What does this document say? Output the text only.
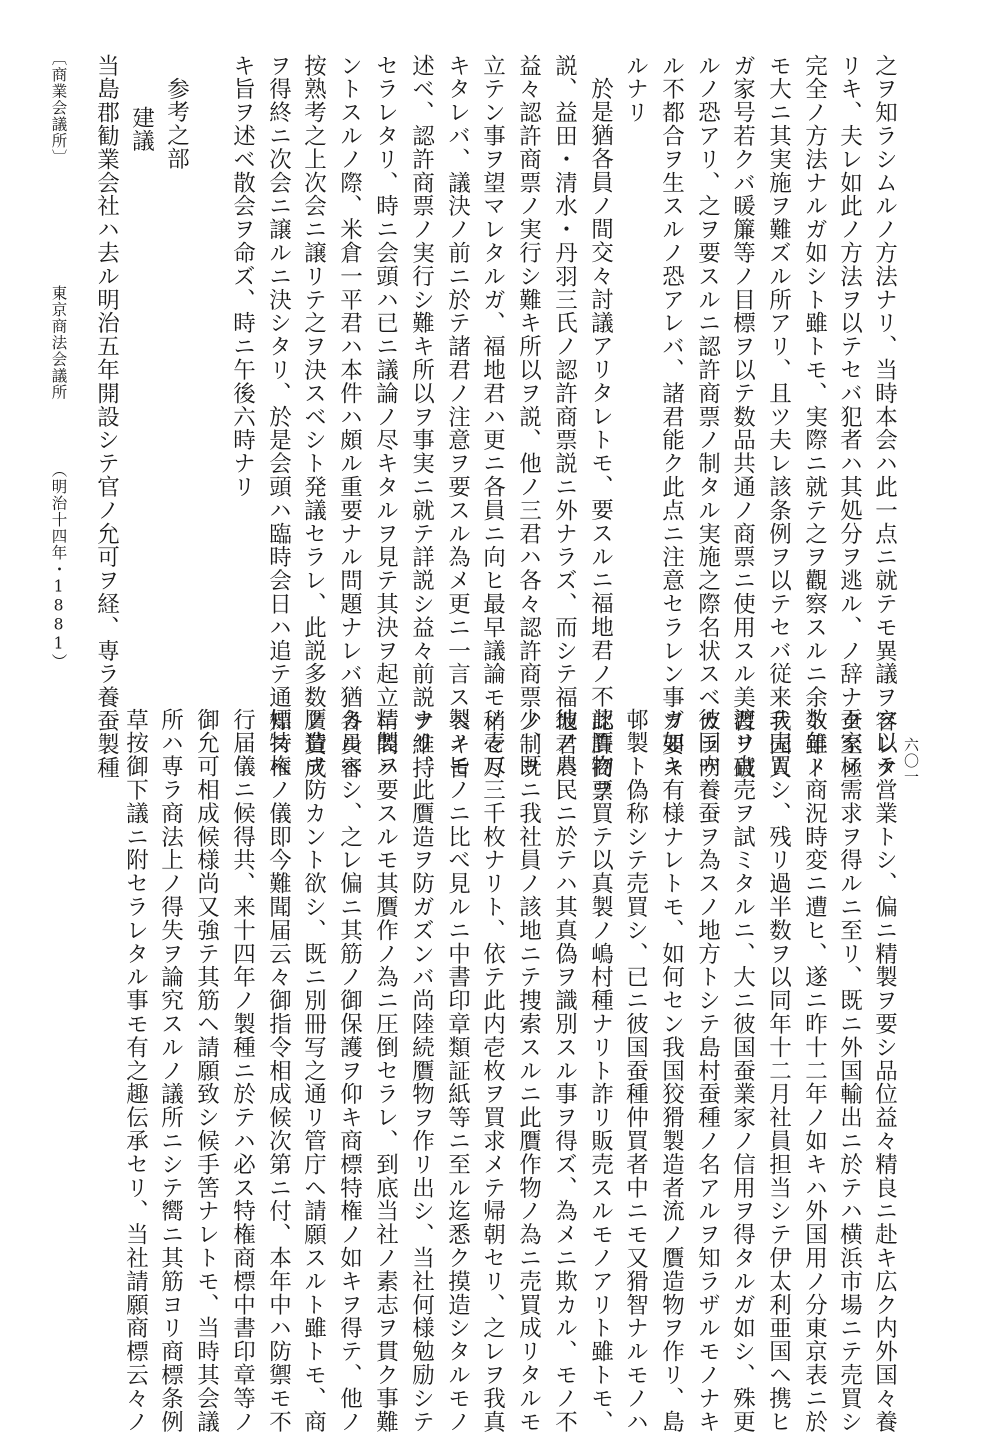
之ヲ知ラシムルノ方法ナリ、当時本会ハ此一点ニ就テモ異議ヲ容レタ
リキ、夫レ如此ノ方法ヲ以テセバ犯者ハ其処分ヲ逃ル、ノ辞ナク至極
完全ノ方法ナルガ如シト雖トモ、実際ニ就テ之ヲ觀察スルニ余ト雖ト
モ大ニ其実施ヲ難ズル所アリ、且ツ夫レ該条例ヲ以テセバ従来我国人
ガ家号若クバ暖簾等ノ目標ヲ以テ数品共通ノ商票ニ使用スル美習ヲ破
ルノ恐アリ、之ヲ要スルニ認許商票ノ制タル実施之際名状スベカラザ
ル不都合ヲ生スルノ恐アレバ、諸君能ク此点ニ注意セラレン事ヲ要ス
ルナリ
於是猶各員ノ間交々討議アリタレトモ、要スルニ福地君ノ不認許商票
説、益田・清水・丹羽三氏ノ認許商票説ニ外ナラズ、而シテ福地君ハ
益々認許商票ノ実行シ難キ所以ヲ説、他ノ三君ハ各々認許商票ノ制ヲ
立テン事ヲ望マレタルガ、福地君ハ更ニ各員ニ向ヒ最早議論モ稍々尽
キタレバ、議決ノ前ニ於テ諸君ノ注意ヲ要スル為メ更ニ一言スベキ旨
述ベ、認許商票ノ実行シ難キ所以ヲ事実ニ就テ詳説シ益々前説ヲ維持
セラレタリ、時ニ会頭ハ已ニ議論ノ尽キタルヲ見テ其決ヲ起立ニ問ハ
ントスルノ際、米倉一平君ハ本件ハ頗ル重要ナル問題ナレバ猶各員審
按熟考之上次会ニ譲リテ之ヲ決スベシト発議セラレ、此説多数ノ賛成
ヲ得終ニ次会ニ譲ルニ決シタリ、於是会頭ハ臨時会日ハ追テ通知スベ
キ旨ヲ述ベ散会ヲ命ズ、時ニ午後六時ナリ
参考之部
建議
当島郡勧業会社ハ去ル明治五年開設シテ官ノ允可ヲ経、専ラ養蚕製種
〔商業会議所〕
東京商法会議所
（明治十四年・1881）
六〇一
ヲ以テ営業トシ、偏ニ精製ヲ要シ品位益々精良ニ赴キ広ク内外国々養
蚕家ノ需求ヲ得ルニ至リ、既ニ外国輸出ニ於テハ横浜市場ニテ売買シ
数年ノ商況時変ニ遭ヒ、遂ニ昨十二年ノ如キハ外国用ノ分東京表ニ於
テ売買シ、残リ過半数ヲ以同年十二月社員担当シテ伊太利亜国ヘ携ヒ
渡リ直売ヲ試ミタルニ、大ニ彼国蚕業家ノ信用ヲ得タルガ如シ、殊更
彼国内養蚕ヲ為スノ地方トシテ島村蚕種ノ名アルヲ知ラザルモノナキ
ガ如キ有様ナレトモ、如何セン我国狡猾製造者流ノ贋造物ヲ作リ、島
邨製ト偽称シテ売買シ、已ニ彼国蚕種仲買者中ニモ又猾智ナルモノハ
此贋物ヲ買テ以真製ノ嶋村種ナリト詐リ販売スルモノアリト雖トモ、
彼ノ農民ニ於テハ其真偽ヲ識別スル事ヲ得ズ、為メニ欺カル、モノ不
少、既ニ我社員ノ該地ニテ捜索スルニ此贋作物ノ為ニ売買成リタルモ
ノ壱万三千枚ナリト、依テ此内壱枚ヲ買求メテ帰朝セリ、之レヲ我真
製ノモノニ比べ見ルニ中書印章類証紙等ニ至ル迄悉ク摸造シタルモノ
ナリ、此贋造ヲ防ガズンバ尚陸続贋物ヲ作リ出シ、当社何様勉励シテ
精製ヲ要スルモ其贋作ノ為ニ圧倒セラレ、到底当社ノ素志ヲ貫ク事難
カルヘシ、之レ偏ニ其筋ノ御保護ヲ仰キ商標特権ノ如キヲ得テ、他ノ
贋造ヲ防カント欲シ、既ニ別冊写之通リ管庁ヘ請願スルト雖トモ、商
標特権ノ儀即今難聞届云々御指令相成候次第ニ付、本年中ハ防禦モ不
行届儀ニ候得共、来十四年ノ製種ニ於テハ必ス特権商標中書印章等ノ
御允可相成候様尚又強テ其筋ヘ請願致シ候手筈ナレトモ、当時其会議
所ハ専ラ商法上ノ得失ヲ論究スルノ議所ニシテ嚮ニ其筋ヨリ商標条例
草按御下議ニ附セラレタル事モ有之趣伝承セリ、当社請願商標云々ノ
